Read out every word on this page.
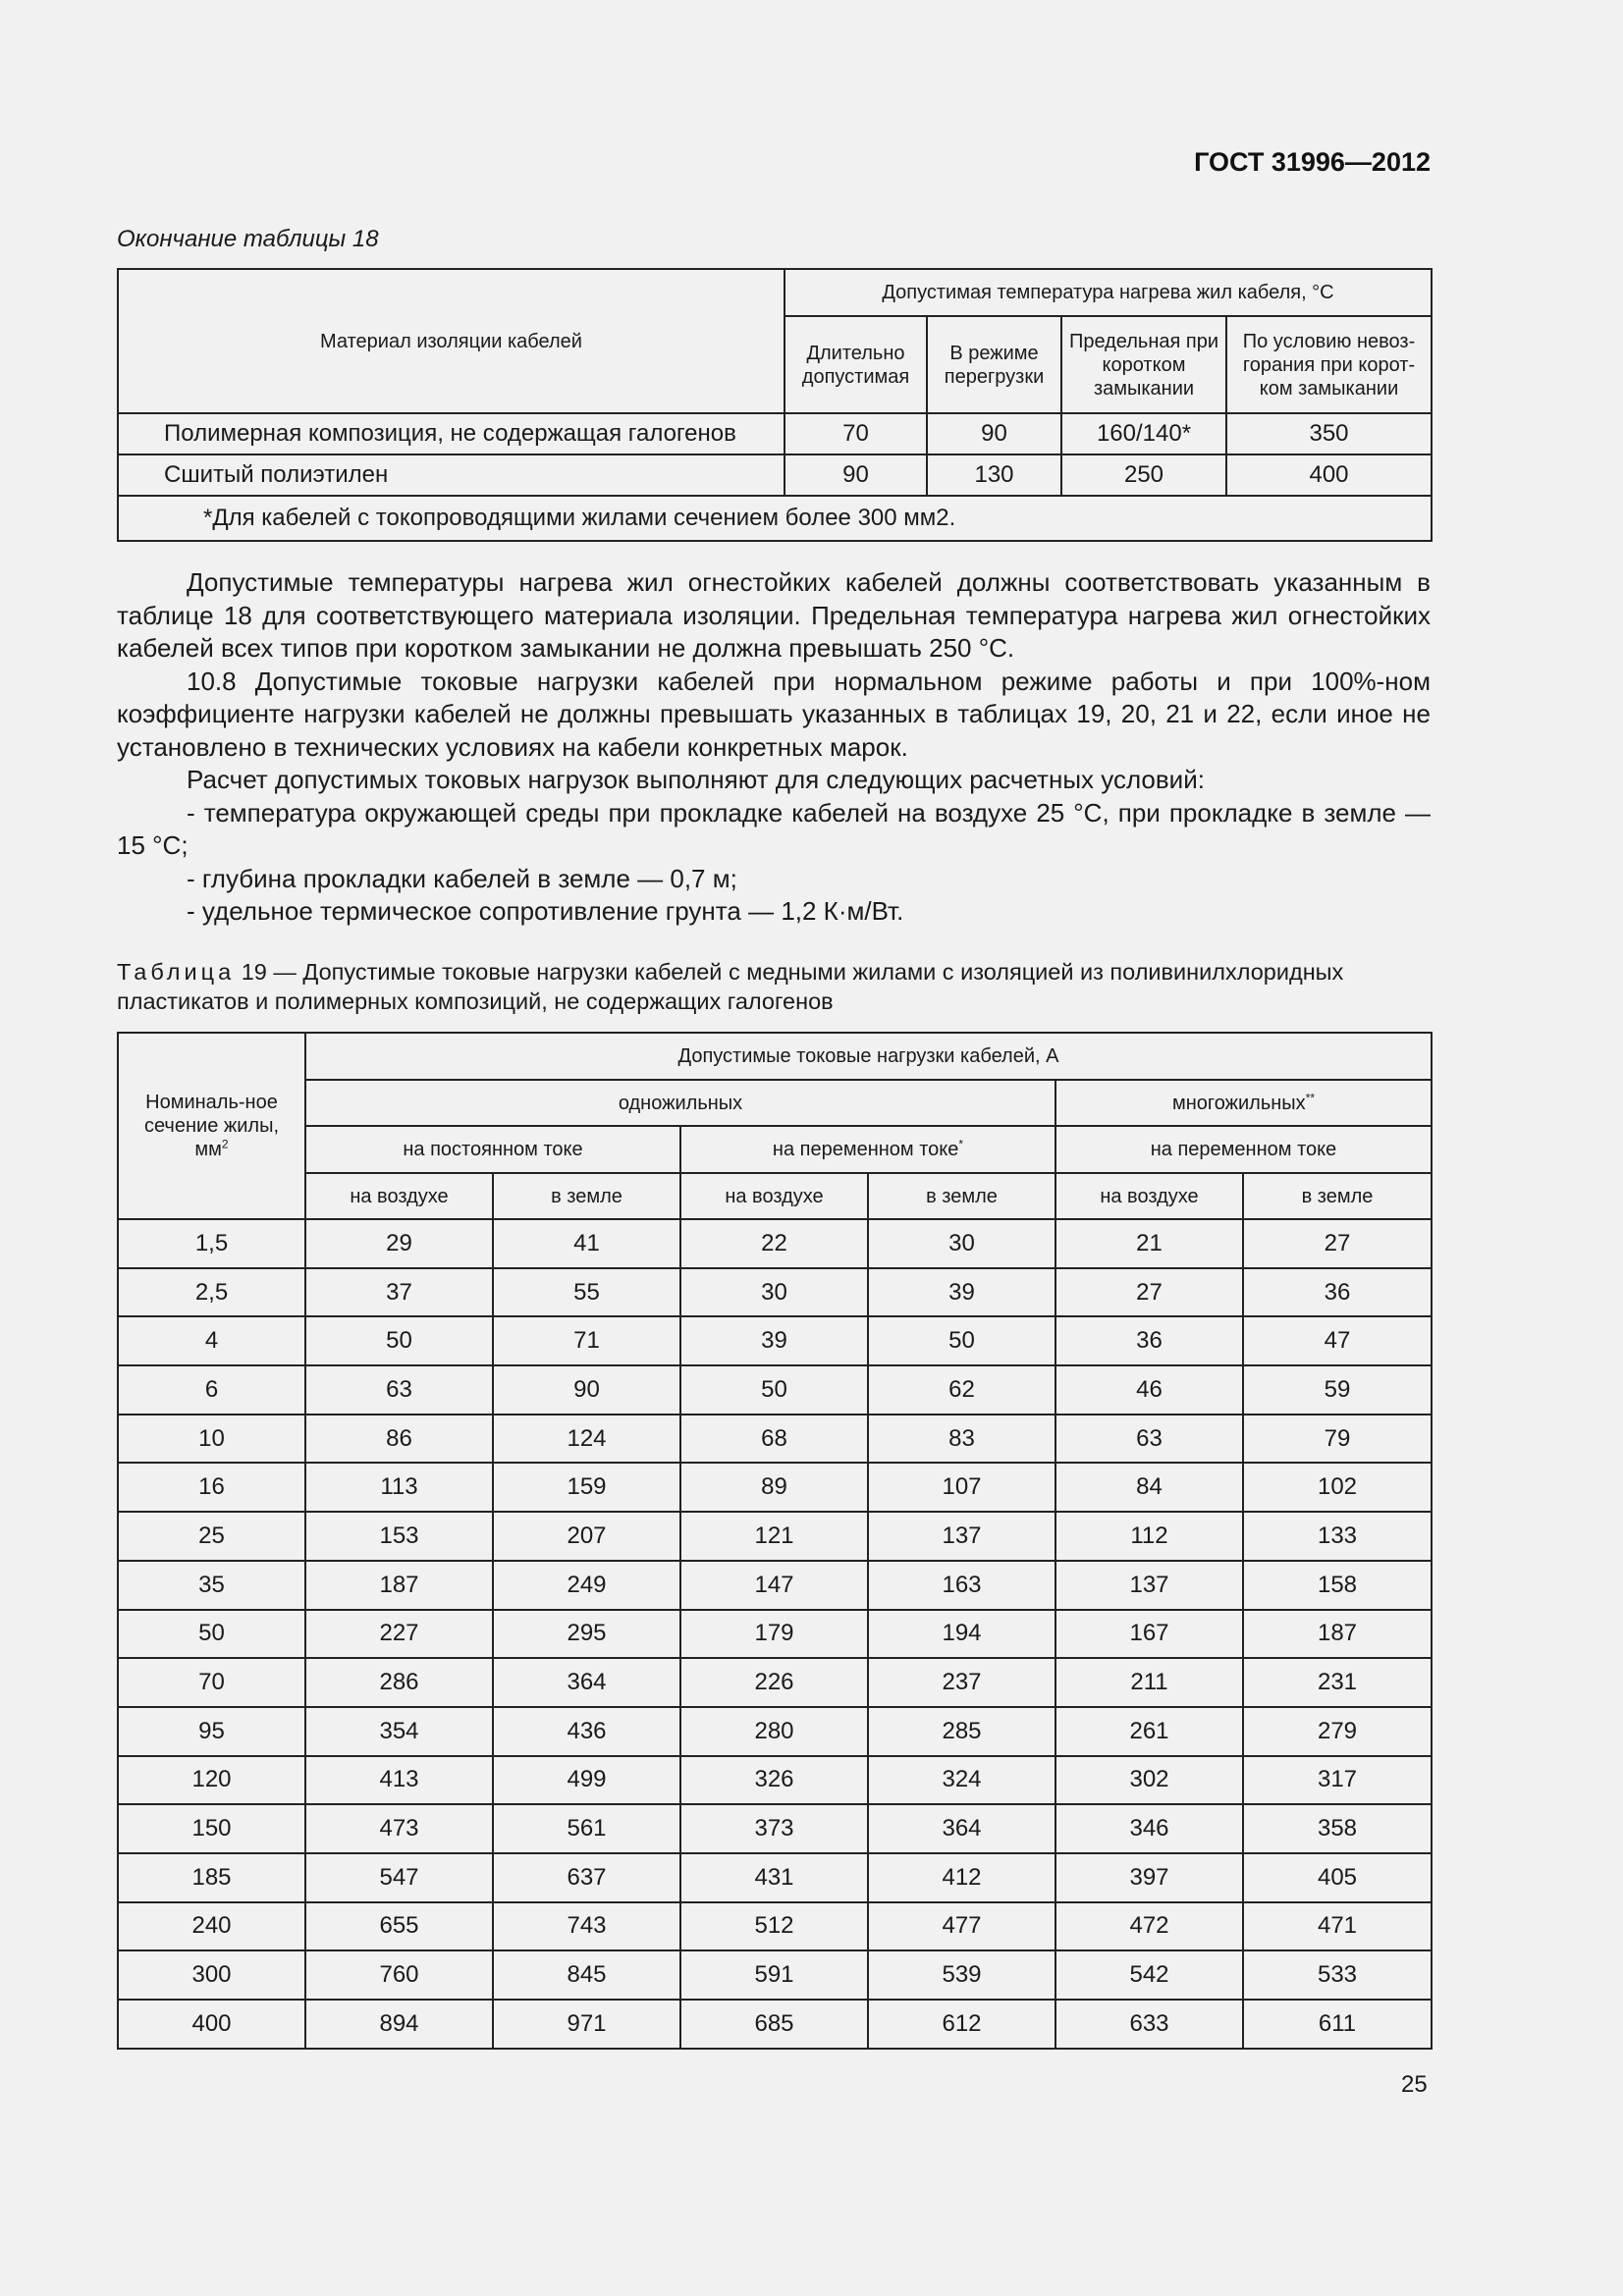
ГОСТ 31996—2012
Окончание таблицы 18
Материал изоляции кабелей	Допустимая температура нагрева жил кабеля, °С			
	Длительно допустимая	В режиме перегрузки	Предельная при коротком замыкании	По условию невоз-горания при корот-ком замыкании
Полимерная композиция, не содержащая галогенов	70	90	160/140*	350
Сшитый полиэтилен	90	130	250	400
*Для кабелей с токопроводящими жилами сечением более 300 мм2.				

Допустимые температуры нагрева жил огнестойких кабелей должны соответствовать указанным в таблице 18 для соответствующего материала изоляции. Предельная температура нагрева жил огнестойких кабелей всех типов при коротком замыкании не должна превышать 250 °С.

10.8 Допустимые токовые нагрузки кабелей при нормальном режиме работы и при 100%-ном коэффициенте нагрузки кабелей не должны превышать указанных в таблицах 19, 20, 21 и 22, если иное не установлено в технических условиях на кабели конкретных марок.

Расчет допустимых токовых нагрузок выполняют для следующих расчетных условий:

- температура окружающей среды при прокладке кабелей на воздухе 25 °С, при прокладке в земле — 15 °С;

- глубина прокладки кабелей в земле — 0,7 м;

- удельное термическое сопротивление грунта — 1,2 К·м/Вт.

Таблица 19 — Допустимые токовые нагрузки кабелей с медными жилами с изоляцией из поливинилхлоридных пластикатов и полимерных композиций, не содержащих галогенов
Номиналь-ное сечение жилы, $мм^2$	Допустимые токовые нагрузки кабелей, А					
	одножильных				многожильных**
	на постоянном токе		на переменном токе*		на переменном токе	
	на воздухе	в земле	на воздухе	в земле	на воздухе	в земле
1,5	29	41	22	30	21	27
2,5	37	55	30	39	27	36
4	50	71	39	50	36	47
6	63	90	50	62	46	59
10	86	124	68	83	63	79
16	113	159	89	107	84	102
25	153	207	121	137	112	133
35	187	249	147	163	137	158
50	227	295	179	194	167	187
70	286	364	226	237	211	231
95	354	436	280	285	261	279
120	413	499	326	324	302	317
150	473	561	373	364	346	358
185	547	637	431	412	397	405
240	655	743	512	477	472	471
300	760	845	591	539	542	533
400	894	971	685	612	633	611
25
